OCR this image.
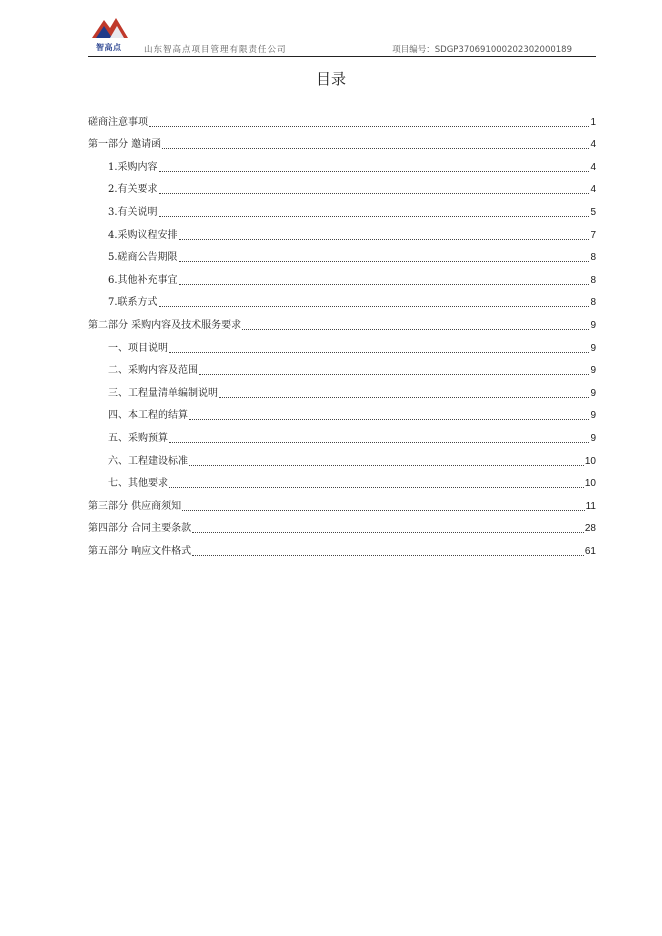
智高点	山东智高点项目管理有限责任公司	项目编号：SDGP370691000202302000189
目录
磋商注意事项	1
第一部分 邀请函	4
1.采购内容	4
2.有关要求	4
3.有关说明	5
4.采购议程安排	7
5.磋商公告期限	8
6.其他补充事宜	8
7.联系方式	8
第二部分 采购内容及技术服务要求	9
一、项目说明	9
二、采购内容及范围	9
三、工程量清单编制说明	9
四、本工程的结算	9
五、采购预算	9
六、工程建设标准	10
七、其他要求	10
第三部分 供应商须知	11
第四部分 合同主要条款	28
第五部分 响应文件格式	61
